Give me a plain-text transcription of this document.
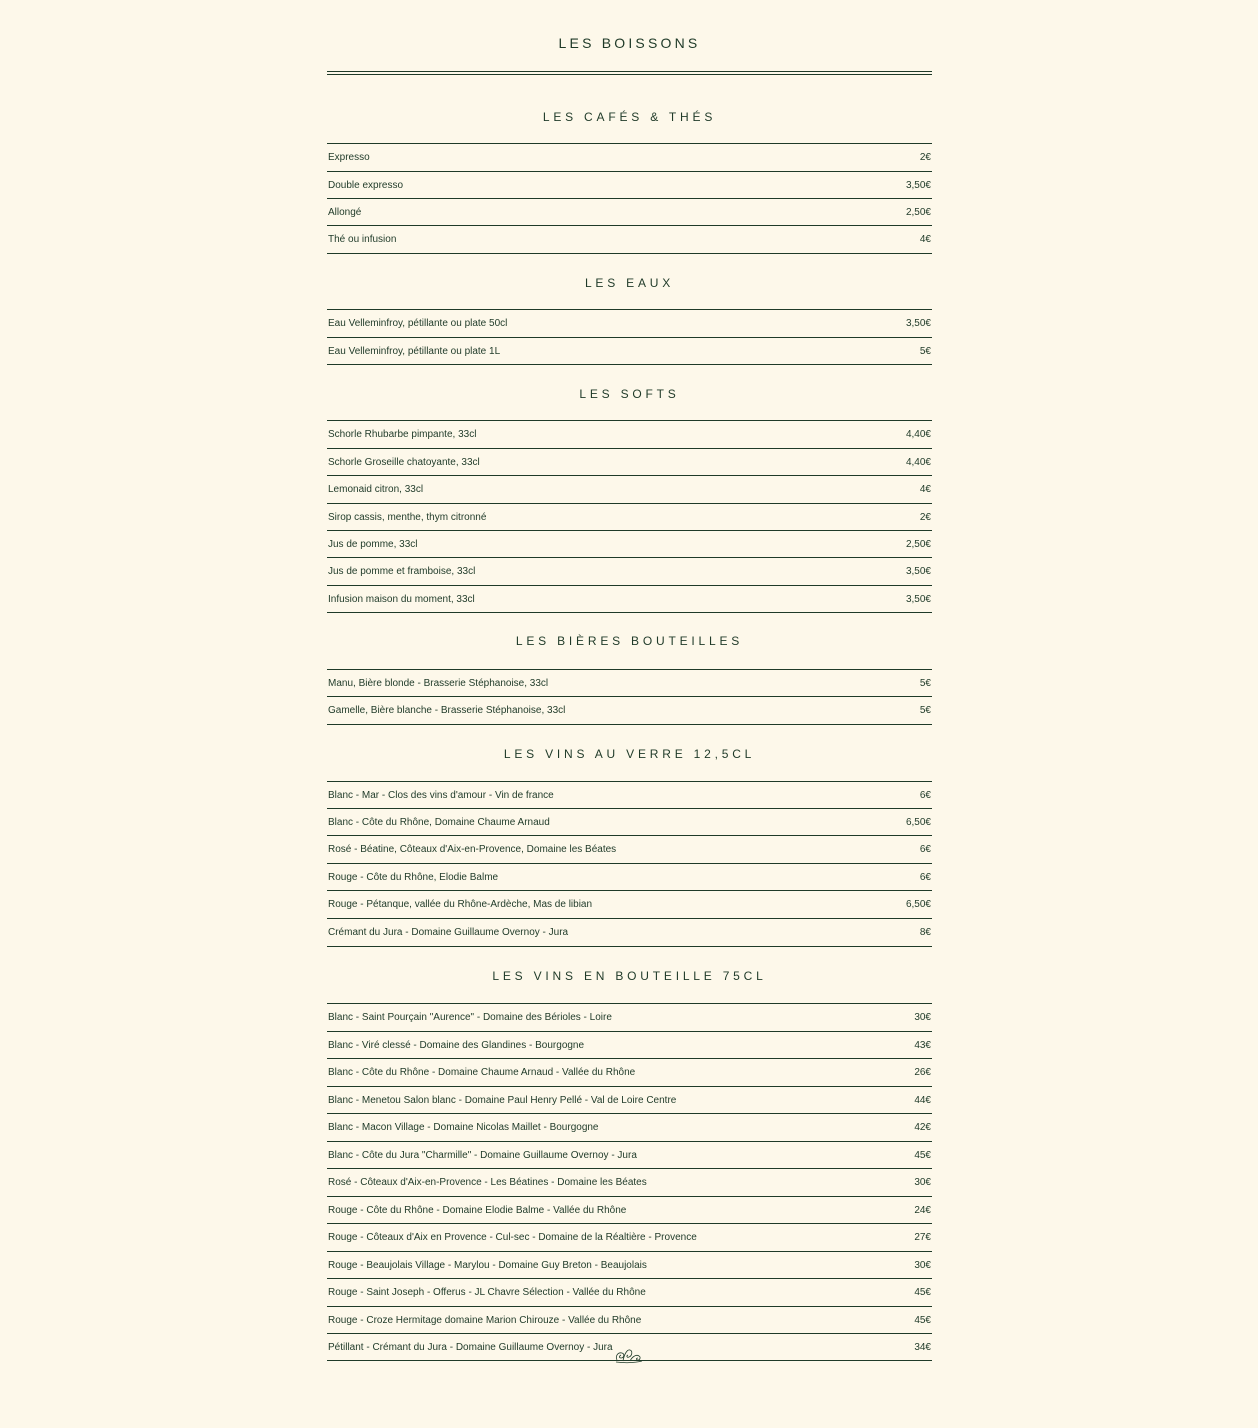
LES BOISSONS
LES CAFÉS & THÉS
Expresso	2€
Double expresso	3,50€
Allongé	2,50€
Thé ou infusion	4€
LES EAUX
Eau Velleminfroy, pétillante ou plate 50cl	3,50€
Eau Velleminfroy, pétillante ou plate 1L	5€
LES SOFTS
Schorle Rhubarbe pimpante, 33cl	4,40€
Schorle Groseille chatoyante, 33cl	4,40€
Lemonaid citron, 33cl	4€
Sirop cassis, menthe, thym citronné	2€
Jus de pomme, 33cl	2,50€
Jus de pomme et framboise, 33cl	3,50€
Infusion maison du moment, 33cl	3,50€
LES BIÈRES BOUTEILLES
Manu, Bière blonde - Brasserie Stéphanoise, 33cl	5€
Gamelle, Bière blanche - Brasserie Stéphanoise, 33cl	5€
LES VINS AU VERRE 12,5CL
Blanc - Mar - Clos des vins d'amour - Vin de france	6€
Blanc - Côte du Rhône, Domaine Chaume Arnaud	6,50€
Rosé - Béatine, Côteaux d'Aix-en-Provence, Domaine les Béates	6€
Rouge - Côte du Rhône, Elodie Balme	6€
Rouge - Pétanque, vallée du Rhône-Ardèche, Mas de libian	6,50€
Crémant du Jura - Domaine Guillaume Overnoy - Jura	8€
LES VINS EN BOUTEILLE 75CL
Blanc - Saint Pourçain "Aurence" - Domaine des Bérioles - Loire	30€
Blanc - Viré clessé - Domaine des Glandines - Bourgogne	43€
Blanc - Côte du Rhône - Domaine Chaume Arnaud - Vallée du Rhône	26€
Blanc - Menetou Salon blanc - Domaine Paul Henry Pellé - Val de Loire Centre	44€
Blanc - Macon Village - Domaine Nicolas Maillet - Bourgogne	42€
Blanc - Côte du Jura "Charmille" - Domaine Guillaume Overnoy - Jura	45€
Rosé - Côteaux d'Aix-en-Provence - Les Béatines - Domaine les Béates	30€
Rouge - Côte du Rhône - Domaine Elodie Balme - Vallée du Rhône	24€
Rouge - Côteaux d'Aix en Provence - Cul-sec - Domaine de la Réaltière - Provence	27€
Rouge - Beaujolais Village - Marylou - Domaine Guy Breton - Beaujolais	30€
Rouge - Saint Joseph - Offerus - JL Chavre Sélection - Vallée du Rhône	45€
Rouge - Croze Hermitage domaine Marion Chirouze - Vallée du Rhône	45€
Pétillant - Crémant du Jura - Domaine Guillaume Overnoy - Jura	34€
